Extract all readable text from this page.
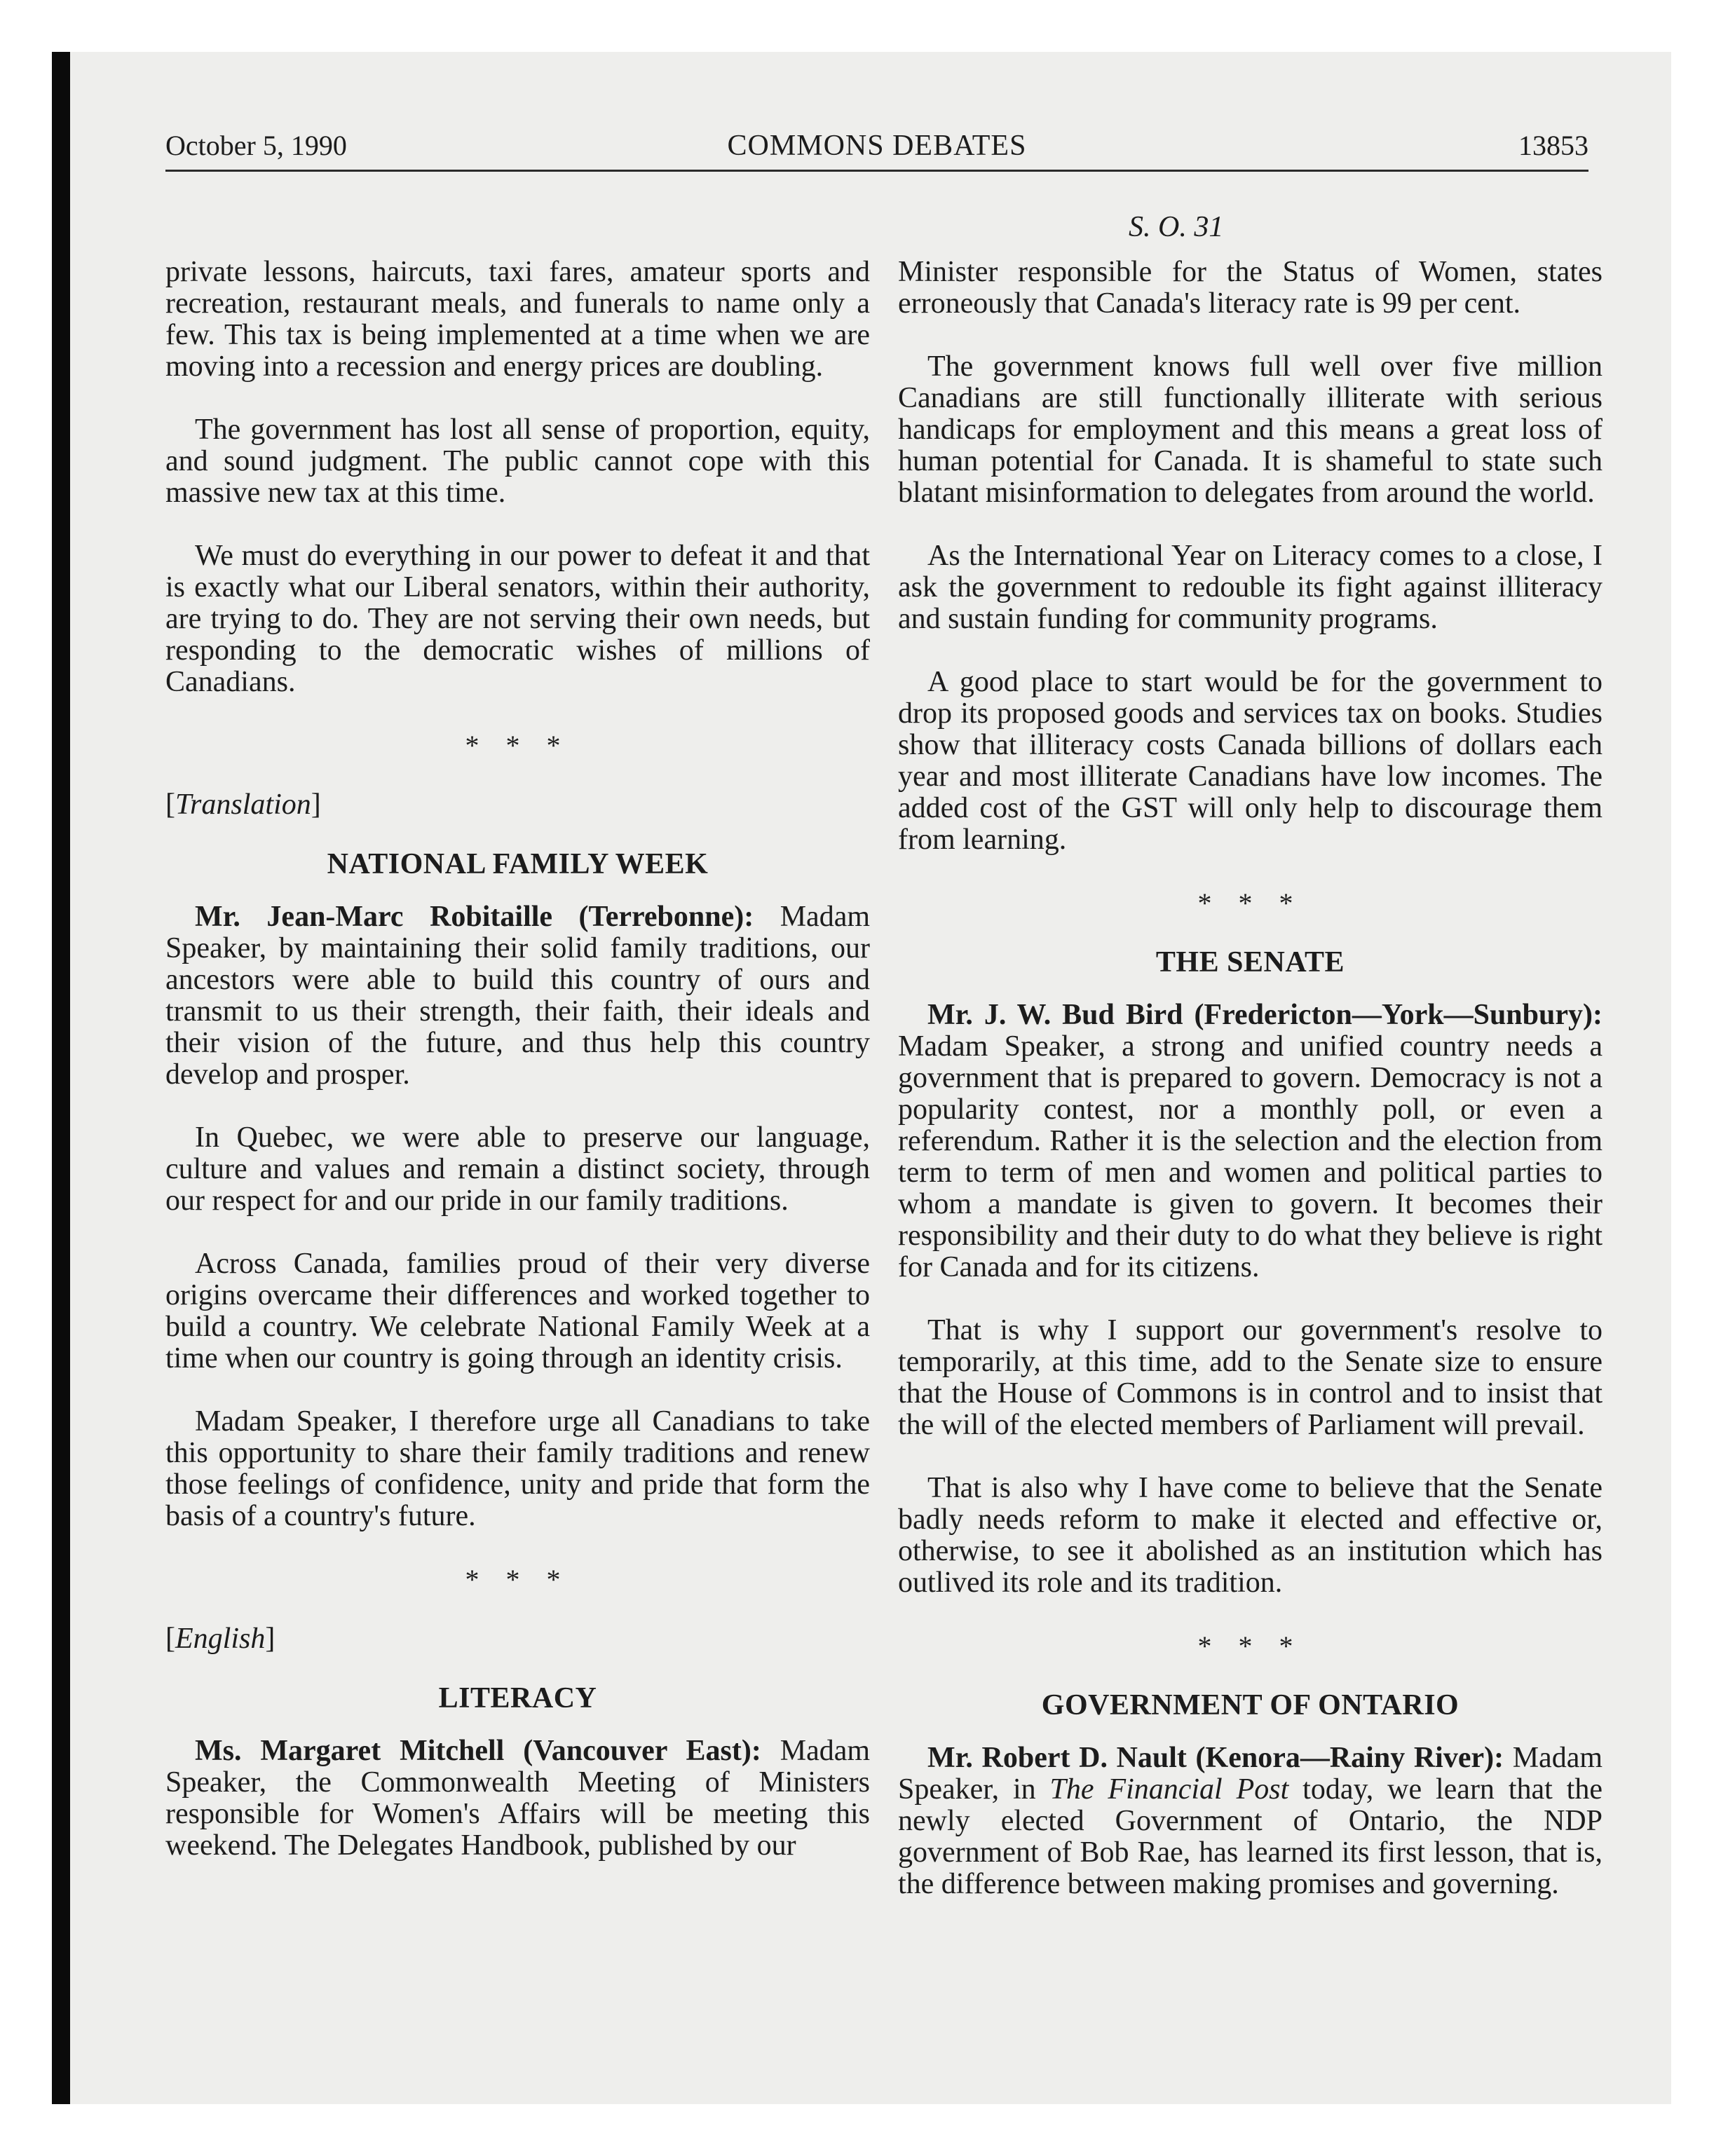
October 5, 1990	COMMONS DEBATES	13853
S. O. 31

private lessons, haircuts, taxi fares, amateur sports and recreation, restaurant meals, and funerals to name only a few. This tax is being implemented at a time when we are moving into a recession and energy prices are doubling.

The government has lost all sense of proportion, equity, and sound judgment. The public cannot cope with this massive new tax at this time.

We must do everything in our power to defeat it and that is exactly what our Liberal senators, within their authority, are trying to do. They are not serving their own needs, but responding to the democratic wishes of millions of Canadians.

* * *
[Translation]
NATIONAL FAMILY WEEK

Mr. Jean-Marc Robitaille (Terrebonne): Madam Speaker, by maintaining their solid family traditions, our ancestors were able to build this country of ours and transmit to us their strength, their faith, their ideals and their vision of the future, and thus help this country develop and prosper.

In Quebec, we were able to preserve our language, culture and values and remain a distinct society, through our respect for and our pride in our family traditions.

Across Canada, families proud of their very diverse origins overcame their differences and worked together to build a country. We celebrate National Family Week at a time when our country is going through an identity crisis.

Madam Speaker, I therefore urge all Canadians to take this opportunity to share their family traditions and renew those feelings of confidence, unity and pride that form the basis of a country's future.

* * *
[English]
LITERACY

Ms. Margaret Mitchell (Vancouver East): Madam Speaker, the Commonwealth Meeting of Ministers responsible for Women's Affairs will be meeting this weekend. The Delegates Handbook, published by our

Minister responsible for the Status of Women, states erroneously that Canada's literacy rate is 99 per cent.

The government knows full well over five million Canadians are still functionally illiterate with serious handicaps for employment and this means a great loss of human potential for Canada. It is shameful to state such blatant misinformation to delegates from around the world.

As the International Year on Literacy comes to a close, I ask the government to redouble its fight against illiteracy and sustain funding for community programs.

A good place to start would be for the government to drop its proposed goods and services tax on books. Studies show that illiteracy costs Canada billions of dollars each year and most illiterate Canadians have low incomes. The added cost of the GST will only help to discourage them from learning.

* * *
THE SENATE

Mr. J. W. Bud Bird (Fredericton—York—Sunbury): Madam Speaker, a strong and unified country needs a government that is prepared to govern. Democracy is not a popularity contest, nor a monthly poll, or even a referendum. Rather it is the selection and the election from term to term of men and women and political parties to whom a mandate is given to govern. It becomes their responsibility and their duty to do what they believe is right for Canada and for its citizens.

That is why I support our government's resolve to temporarily, at this time, add to the Senate size to ensure that the House of Commons is in control and to insist that the will of the elected members of Parliament will prevail.

That is also why I have come to believe that the Senate badly needs reform to make it elected and effective or, otherwise, to see it abolished as an institution which has outlived its role and its tradition.

* * *
GOVERNMENT OF ONTARIO

Mr. Robert D. Nault (Kenora—Rainy River): Madam Speaker, in The Financial Post today, we learn that the newly elected Government of Ontario, the NDP government of Bob Rae, has learned its first lesson, that is, the difference between making promises and governing.
